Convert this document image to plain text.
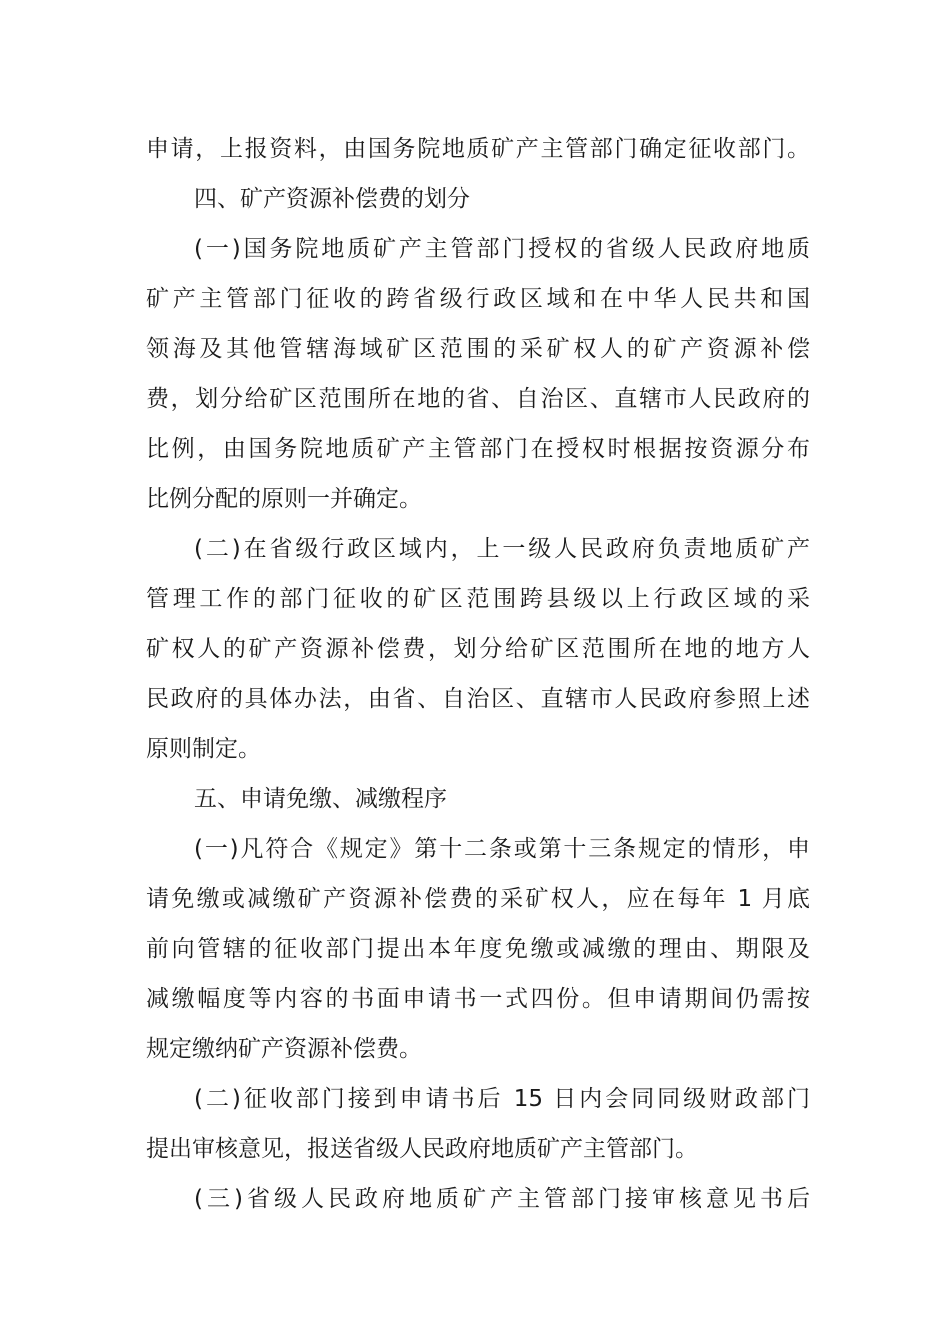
申请，上报资料，由国务院地质矿产主管部门确定征收部门。
四、矿产资源补偿费的划分
(一)国务院地质矿产主管部门授权的省级人民政府地质
矿产主管部门征收的跨省级行政区域和在中华人民共和国
领海及其他管辖海域矿区范围的采矿权人的矿产资源补偿
费，划分给矿区范围所在地的省、自治区、直辖市人民政府的
比例，由国务院地质矿产主管部门在授权时根据按资源分布
比例分配的原则一并确定。
(二)在省级行政区域内，上一级人民政府负责地质矿产
管理工作的部门征收的矿区范围跨县级以上行政区域的采
矿权人的矿产资源补偿费，划分给矿区范围所在地的地方人
民政府的具体办法，由省、自治区、直辖市人民政府参照上述
原则制定。
五、申请免缴、减缴程序
(一)凡符合《规定》第十二条或第十三条规定的情形，申
请免缴或减缴矿产资源补偿费的采矿权人，应在每年 1 月底
前向管辖的征收部门提出本年度免缴或减缴的理由、期限及
减缴幅度等内容的书面申请书一式四份。但申请期间仍需按
规定缴纳矿产资源补偿费。
(二)征收部门接到申请书后 15 日内会同同级财政部门
提出审核意见，报送省级人民政府地质矿产主管部门。
(三)省级人民政府地质矿产主管部门接审核意见书后
